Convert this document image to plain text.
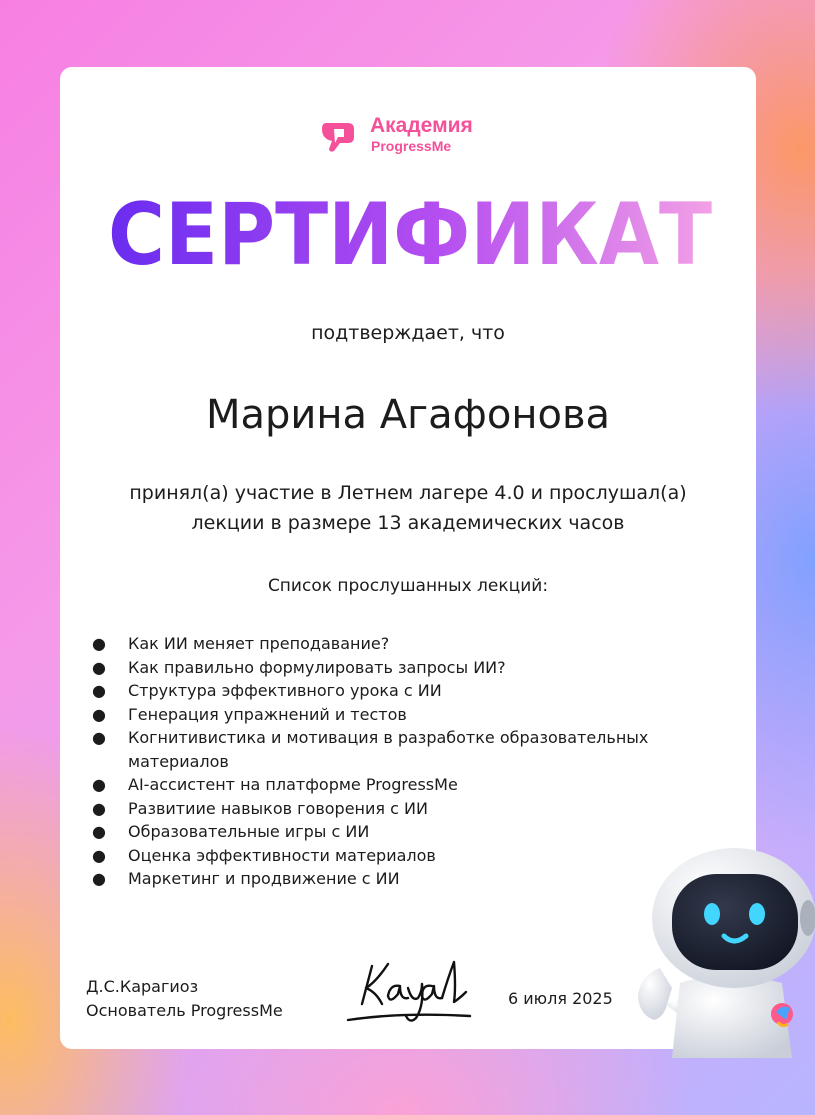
Академия
ProgressMe
СЕРТИФИКАТ
подтверждает, что
Марина Агафонова
принял(а) участие в Летнем лагере 4.0 и прослушал(а)
лекции в размере 13 академических часов
Список прослушанных лекций:
● Как ИИ меняет преподавание?
● Как правильно формулировать запросы ИИ?
● Структура эффективного урока с ИИ
● Генерация упражнений и тестов
● Когнитивистика и мотивация в разработке образовательных материалов
● AI-ассистент на платформе ProgressMe
● Развитиие навыков говорения с ИИ
● Образовательные игры с ИИ
● Оценка эффективности материалов
● Маркетинг и продвижение с ИИ
Д.С.Карагиоз
Основатель ProgressMe
6 июля 2025
